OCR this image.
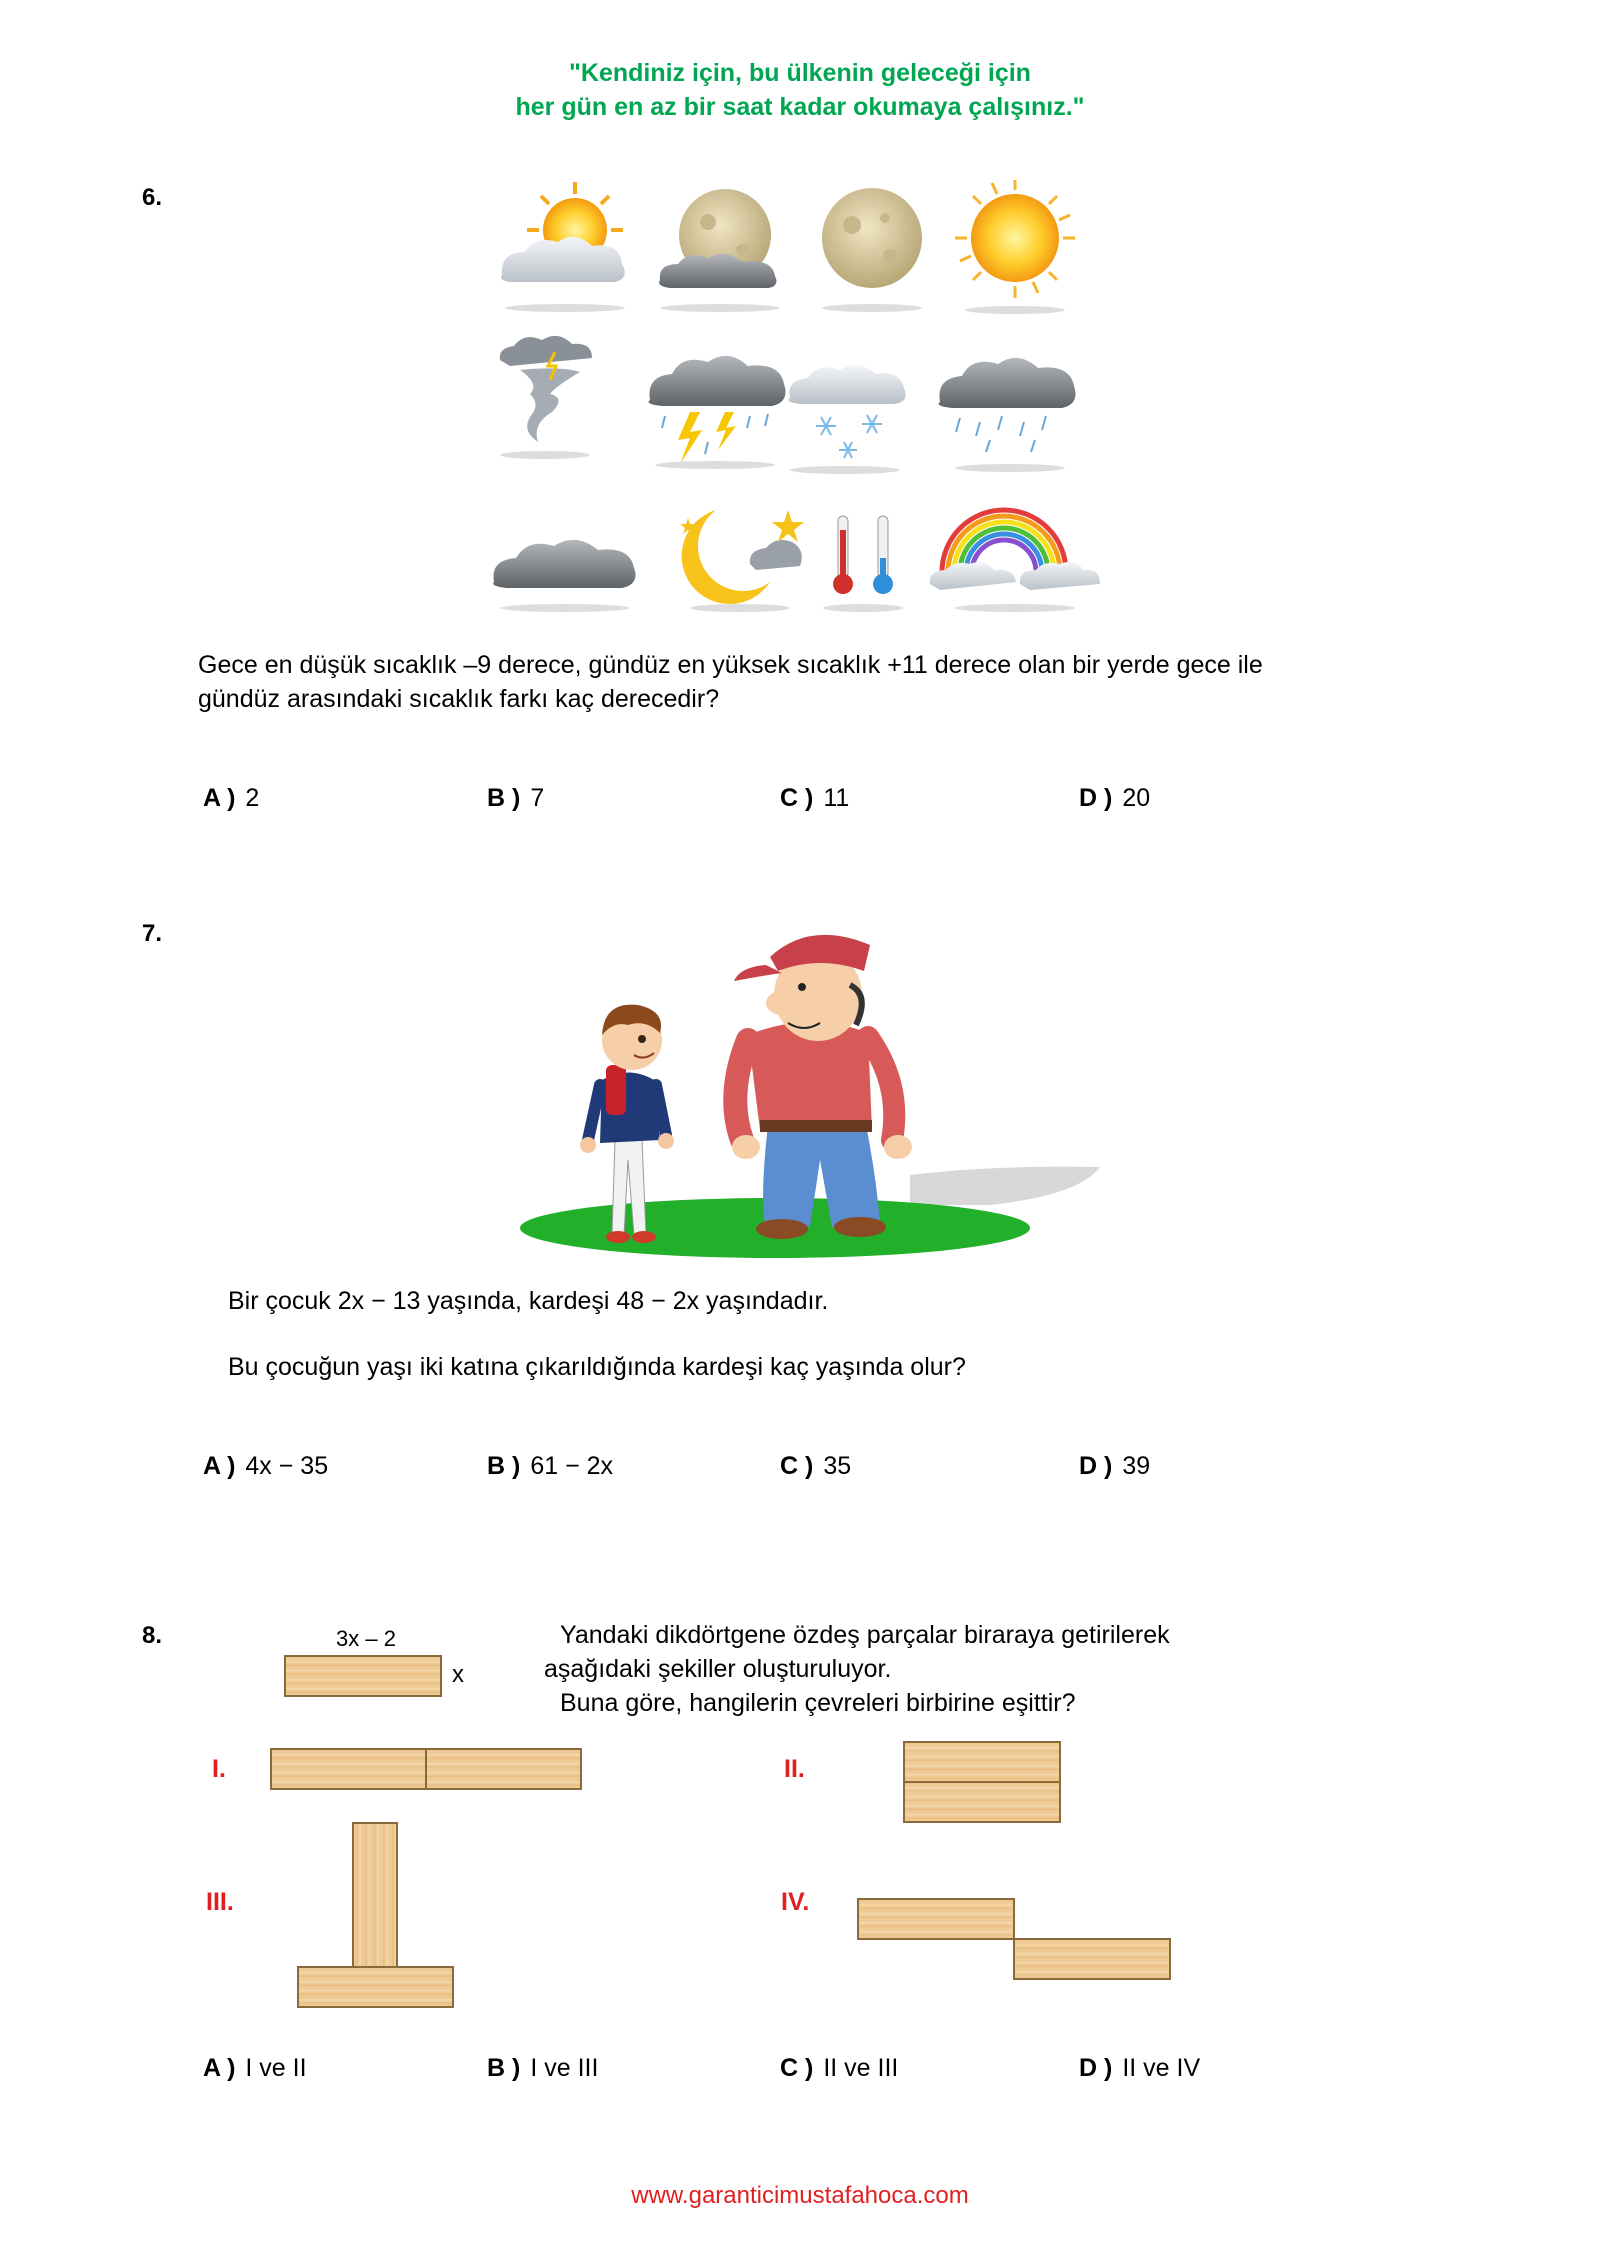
"Kendiniz için, bu ülkenin geleceği için
her gün en az bir saat kadar okumaya çalışınız."
6.
Gece en düşük sıcaklık –9 derece, gündüz en yüksek sıcaklık +11 derece olan bir yerde gece ile
gündüz arasındaki sıcaklık farkı kaç derecedir?
A ) 2	B ) 7	C ) 11	D ) 20
7.
Bir çocuk 2x − 13 yaşında, kardeşi 48 − 2x yaşındadır.
Bu çocuğun yaşı iki katına çıkarıldığında kardeşi kaç yaşında olur?
A ) 4x − 35	B ) 61 − 2x	C ) 35	D ) 39
8.	3x – 2
x
Yandaki dikdörtgene özdeş parçalar biraraya getirilerek
aşağıdaki şekiller oluşturuluyor.
Buna göre, hangilerin çevreleri birbirine eşittir?
I.	II.
III.	IV.
A ) I ve II	B ) I ve III	C ) II ve III	D ) II ve IV
www.garanticimustafahoca.com
